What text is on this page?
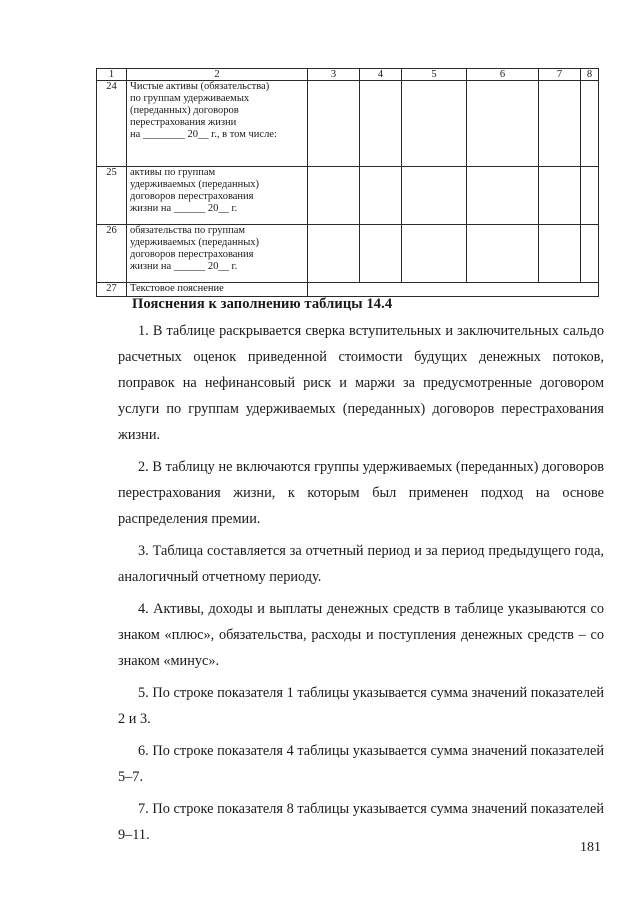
1	2	3	4	5	6	7	8
24	Чистые активы (обязательства)
по группам удерживаемых
(переданных) договоров
перестрахования жизни
на ________ 20__ г., в том числе:						
25	активы по группам
удерживаемых (переданных)
договоров перестрахования
жизни на ______ 20__ г.						
26	обязательства по группам
удерживаемых (переданных)
договоров перестрахования
жизни на ______ 20__ г.						
27	Текстовое пояснение						
Пояснения к заполнению таблицы 14.4

1. В таблице раскрывается сверка вступительных и заключительных сальдо расчетных оценок приведенной стоимости будущих денежных потоков, поправок на нефинансовый риск и маржи за предусмотренные договором услуги по группам удерживаемых (переданных) договоров перестрахования жизни.

2. В таблицу не включаются группы удерживаемых (переданных) договоров перестрахования жизни, к которым был применен подход на основе распределения премии.

3. Таблица составляется за отчетный период и за период предыдущего года, аналогичный отчетному периоду.

4. Активы, доходы и выплаты денежных средств в таблице указываются со знаком «плюс», обязательства, расходы и поступления денежных средств – со знаком «минус».

5. По строке показателя 1 таблицы указывается сумма значений показателей 2 и 3.

6. По строке показателя 4 таблицы указывается сумма значений показателей 5–7.

7. По строке показателя 8 таблицы указывается сумма значений показателей 9–11.

181
